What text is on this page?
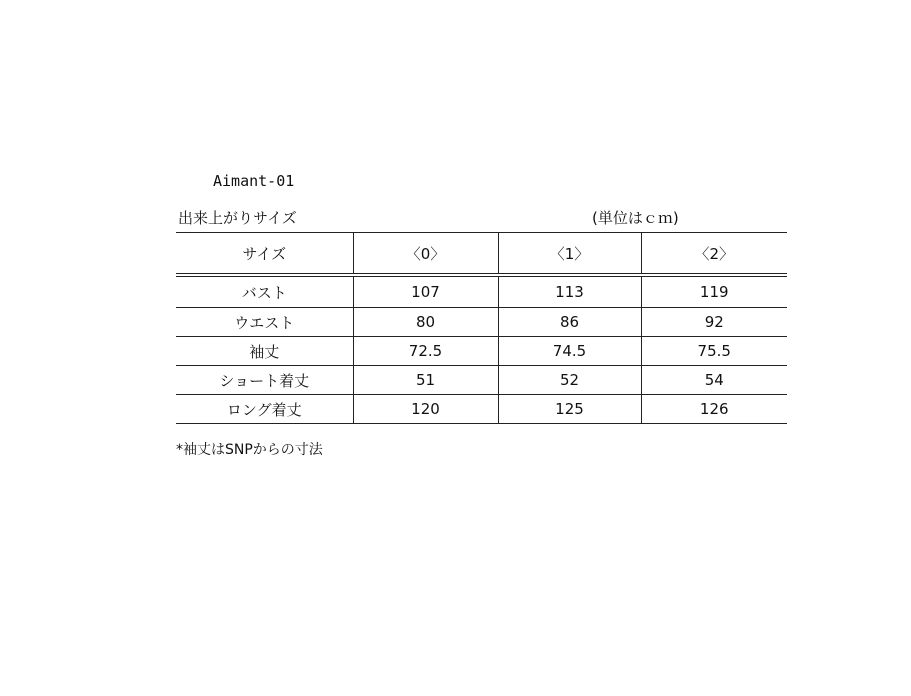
Aimant-01
出来上がりサイズ	(単位はｃｍ)
サイズ	〈0〉	〈1〉	〈2〉
バスト	107	113	119
ウエスト	80	86	92
袖丈	72.5	74.5	75.5
ショート着丈	51	52	54
ロング着丈	120	125	126
*袖丈はSNPからの寸法
